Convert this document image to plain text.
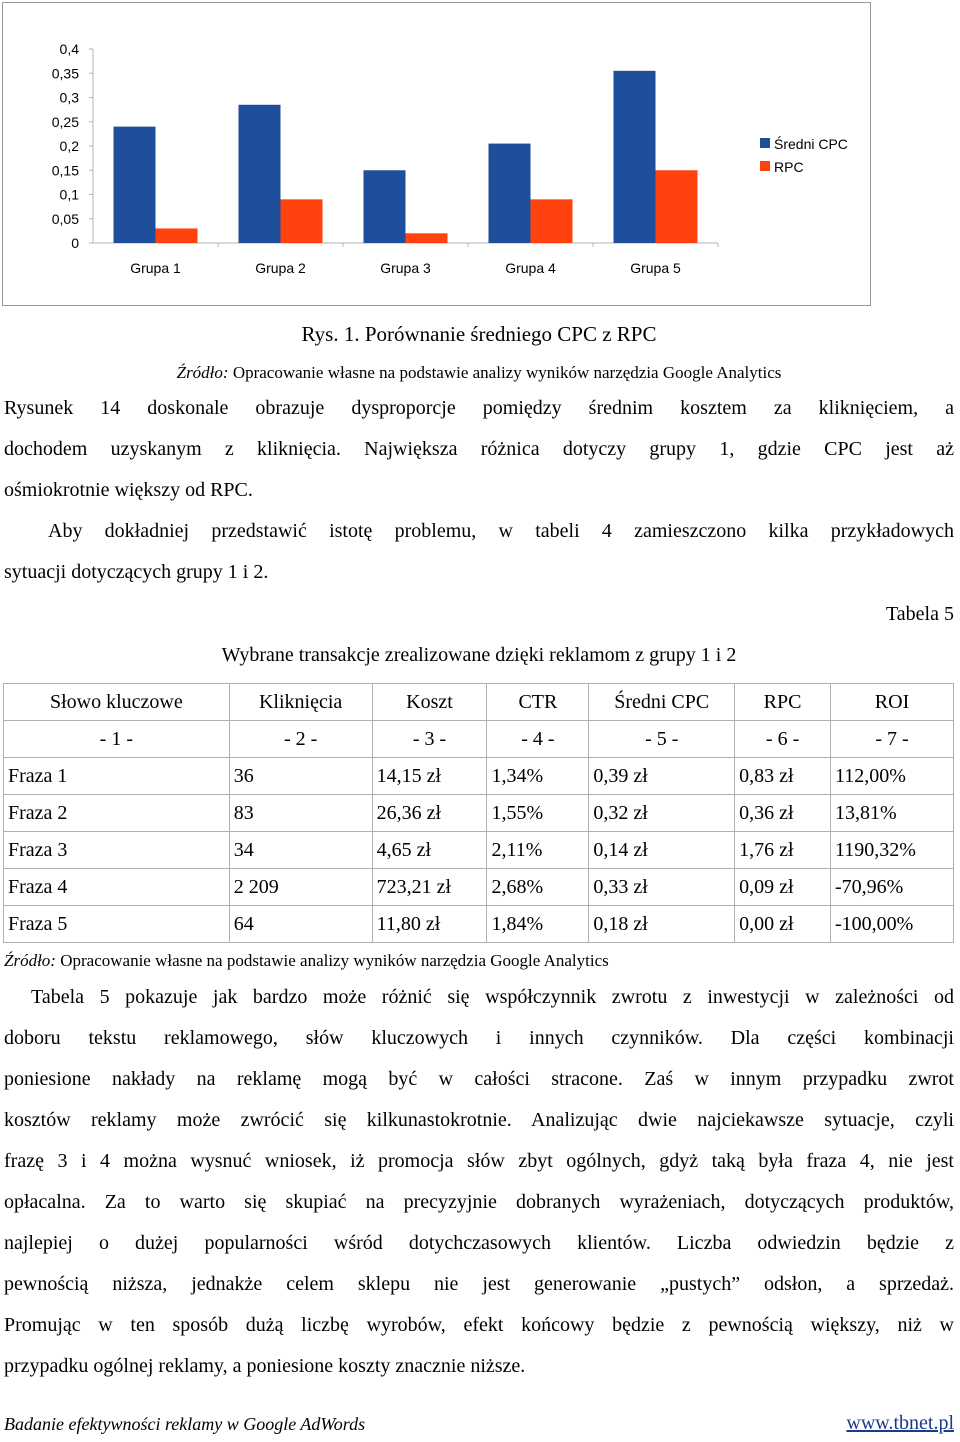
0
0,05
0,1
0,15
0,2
0,25
0,3
0,35
0,4
Grupa 1	Grupa 2	Grupa 3	Grupa 4	Grupa 5
Średni CPC
RPC
Rys. 1. Porównanie średniego CPC z RPC
Źródło: Opracowanie własne na podstawie analizy wyników narzędzia Google Analytics
Rysunek 14 doskonale obrazuje dysproporcje pomiędzy średnim kosztem za kliknięciem, a
dochodem uzyskanym z kliknięcia. Największa różnica dotyczy grupy 1, gdzie CPC jest aż
ośmiokrotnie większy od RPC.
Aby dokładniej przedstawić istotę problemu, w tabeli 4 zamieszczono kilka przykładowych
sytuacji dotyczących grupy 1 i 2.
Tabela 5
Wybrane transakcje zrealizowane dzięki reklamom z grupy 1 i 2
Słowo kluczowe	Kliknięcia	Koszt	CTR	Średni CPC	RPC	ROI
- 1 -	- 2 -	- 3 -	- 4 -	- 5 -	- 6 -	- 7 -
Fraza 1	36	14,15 zł	1,34%	0,39 zł	0,83 zł	112,00%
Fraza 2	83	26,36 zł	1,55%	0,32 zł	0,36 zł	13,81%
Fraza 3	34	4,65 zł	2,11%	0,14 zł	1,76 zł	1190,32%
Fraza 4	2 209	723,21 zł	2,68%	0,33 zł	0,09 zł	-70,96%
Fraza 5	64	11,80 zł	1,84%	0,18 zł	0,00 zł	-100,00%
Źródło: Opracowanie własne na podstawie analizy wyników narzędzia Google Analytics
Tabela 5 pokazuje jak bardzo może różnić się współczynnik zwrotu z inwestycji w zależności od
doboru tekstu reklamowego, słów kluczowych i innych czynników. Dla części kombinacji
poniesione nakłady na reklamę mogą być w całości stracone. Zaś w innym przypadku zwrot
kosztów reklamy może zwrócić się kilkunastokrotnie. Analizując dwie najciekawsze sytuacje, czyli
frazę 3 i 4 można wysnuć wniosek, iż promocja słów zbyt ogólnych, gdyż taką była fraza 4, nie jest
opłacalna. Za to warto się skupiać na precyzyjnie dobranych wyrażeniach, dotyczących produktów,
najlepiej o dużej popularności wśród dotychczasowych klientów. Liczba odwiedzin będzie z
pewnością niższa, jednakże celem sklepu nie jest generowanie „pustych” odsłon, a sprzedaż.
Promując w ten sposób dużą liczbę wyrobów, efekt końcowy będzie z pewnością większy, niż w
przypadku ogólnej reklamy, a poniesione koszty znacznie niższe.
Badanie efektywności reklamy w Google AdWords	www.tbnet.pl
